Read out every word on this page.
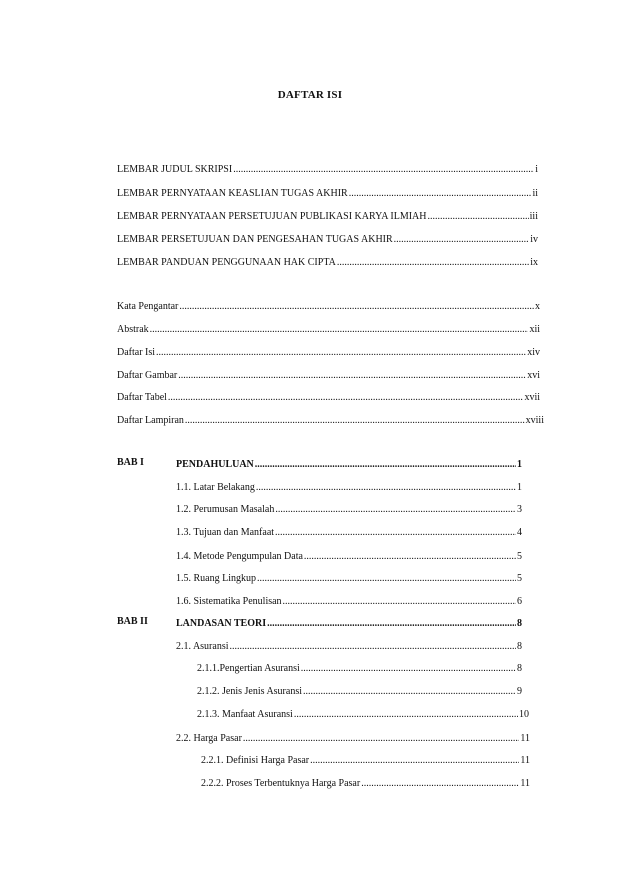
DAFTAR ISI
LEMBAR JUDUL SKRIPSI .....	i
LEMBAR PERNYATAAN KEASLIAN TUGAS AKHIR .....	ii
LEMBAR PERNYATAAN PERSETUJUAN PUBLIKASI KARYA ILMIAH .....	iii
LEMBAR PERSETUJUAN DAN PENGESAHAN TUGAS AKHIR .....	iv
LEMBAR PANDUAN PENGGUNAAN HAK CIPTA .....	ix
Kata Pengantar .....	x
Abstrak .....	xii
Daftar Isi .....	xiv
Daftar Gambar .....	xvi
Daftar Tabel .....	xvii
Daftar Lampiran .....	xviii
BAB I	PENDAHULUAN .....	1
1.1. Latar Belakang .....	1
1.2. Perumusan Masalah .....	3
1.3. Tujuan dan Manfaat .....	4
1.4. Metode Pengumpulan Data .....	5
1.5. Ruang Lingkup .....	5
1.6. Sistematika Penulisan .....	6
BAB II	LANDASAN TEORI .....	8
2.1. Asuransi .....	8
2.1.1.Pengertian Asuransi .....	8
2.1.2. Jenis Jenis Asuransi .....	9
2.1.3. Manfaat Asuransi .....	10
2.2. Harga Pasar .....	11
2.2.1. Definisi Harga Pasar .....	11
2.2.2. Proses Terbentuknya Harga Pasar .....	11
